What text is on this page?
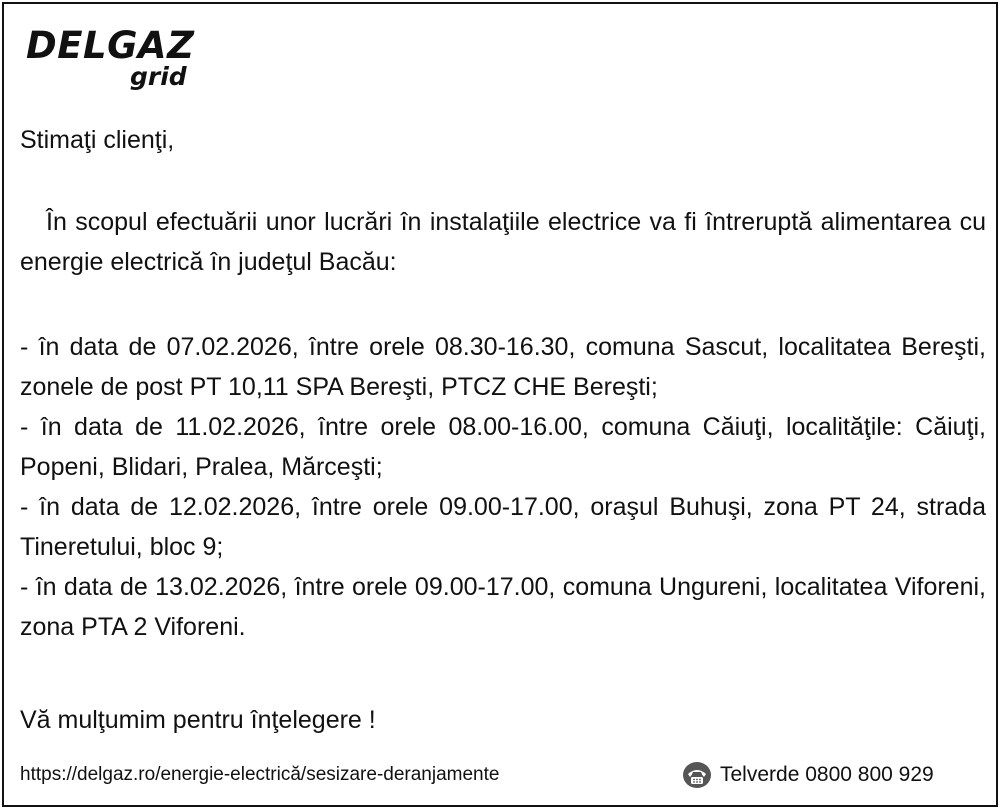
DELGAZ
grid
Stimaţi clienţi,
În scopul efectuării unor lucrări în instalaţiile electrice va fi întreruptă alimentarea cu energie electrică în judeţul Bacău:
- în data de 07.02.2026, între orele 08.30-16.30, comuna Sascut, localitatea Bereşti, zonele de post PT 10,11 SPA Bereşti, PTCZ CHE Bereşti;
- în data de 11.02.2026, între orele 08.00-16.00, comuna Căiuţi, localităţile: Căiuţi, Popeni, Blidari, Pralea, Mărceşti;
- în data de 12.02.2026, între orele 09.00-17.00, oraşul Buhuşi, zona PT 24, strada Tineretului, bloc 9;
- în data de 13.02.2026, între orele 09.00-17.00, comuna Ungureni, localitatea Viforeni, zona PTA 2 Viforeni.
Vă mulţumim pentru înţelegere !
https://delgaz.ro/energie-electrică/sesizare-deranjamente	Telverde 0800 800 929
